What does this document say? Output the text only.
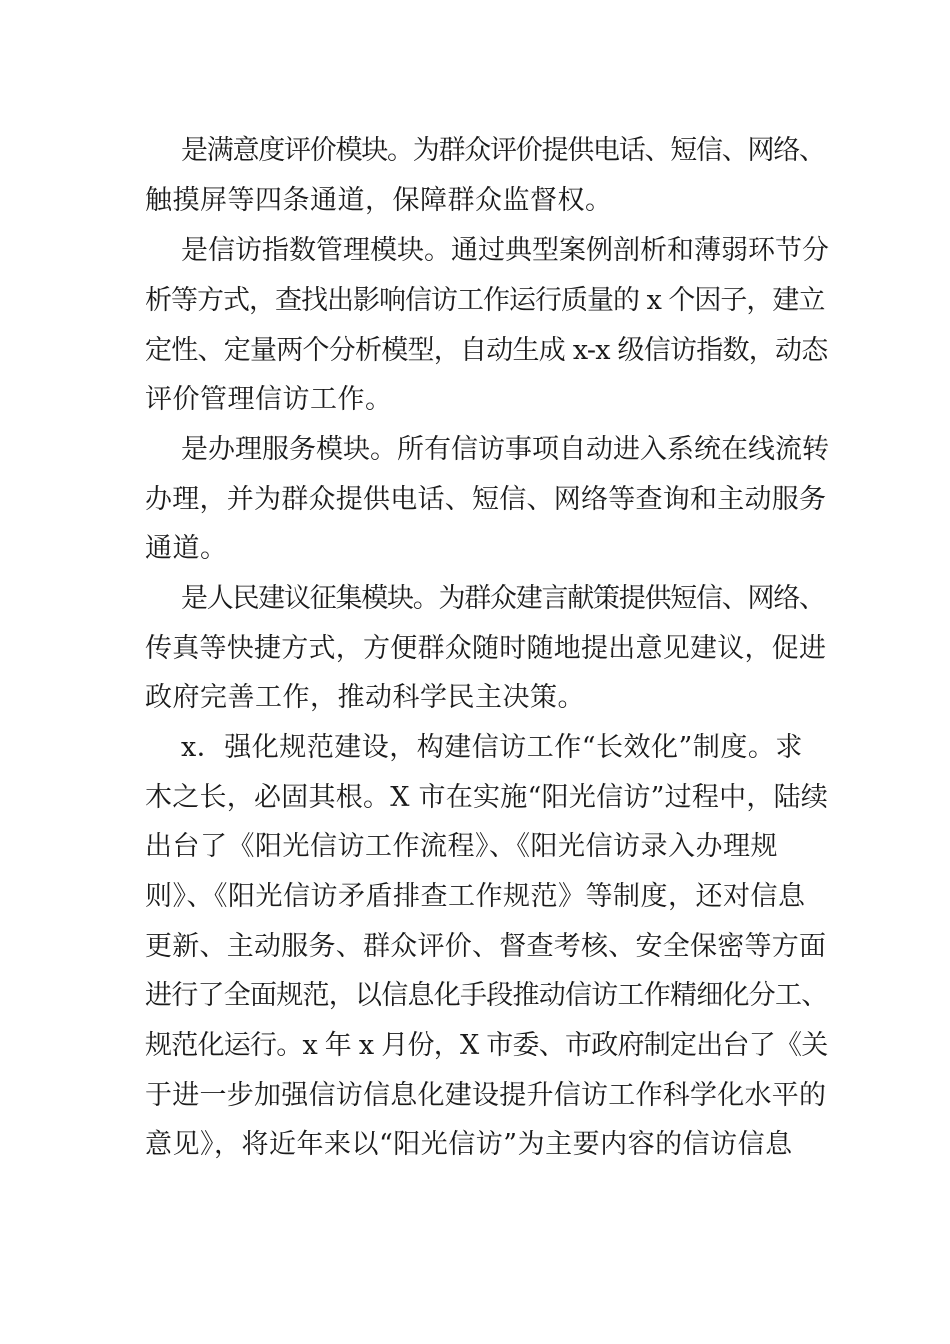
是满意度评价模块。为群众评价提供电话、短信、网络、
触摸屏等四条通道，保障群众监督权。
是信访指数管理模块。通过典型案例剖析和薄弱环节分
析等方式，查找出影响信访工作运行质量的 x 个因子，建立
定性、定量两个分析模型，自动生成 x-x 级信访指数，动态
评价管理信访工作。
是办理服务模块。所有信访事项自动进入系统在线流转
办理，并为群众提供电话、短信、网络等查询和主动服务
通道。
是人民建议征集模块。为群众建言献策提供短信、网络、
传真等快捷方式，方便群众随时随地提出意见建议，促进
政府完善工作，推动科学民主决策。
x．强化规范建设，构建信访工作“长效化”制度。求
木之长，必固其根。X 市在实施“阳光信访”过程中，陆续
出台了《阳光信访工作流程》、《阳光信访录入办理规
则》、《阳光信访矛盾排查工作规范》等制度，还对信息
更新、主动服务、群众评价、督查考核、安全保密等方面
进行了全面规范，以信息化手段推动信访工作精细化分工、
规范化运行。x 年 x 月份，X 市委、市政府制定出台了《关
于进一步加强信访信息化建设提升信访工作科学化水平的
意见》，将近年来以“阳光信访”为主要内容的信访信息
